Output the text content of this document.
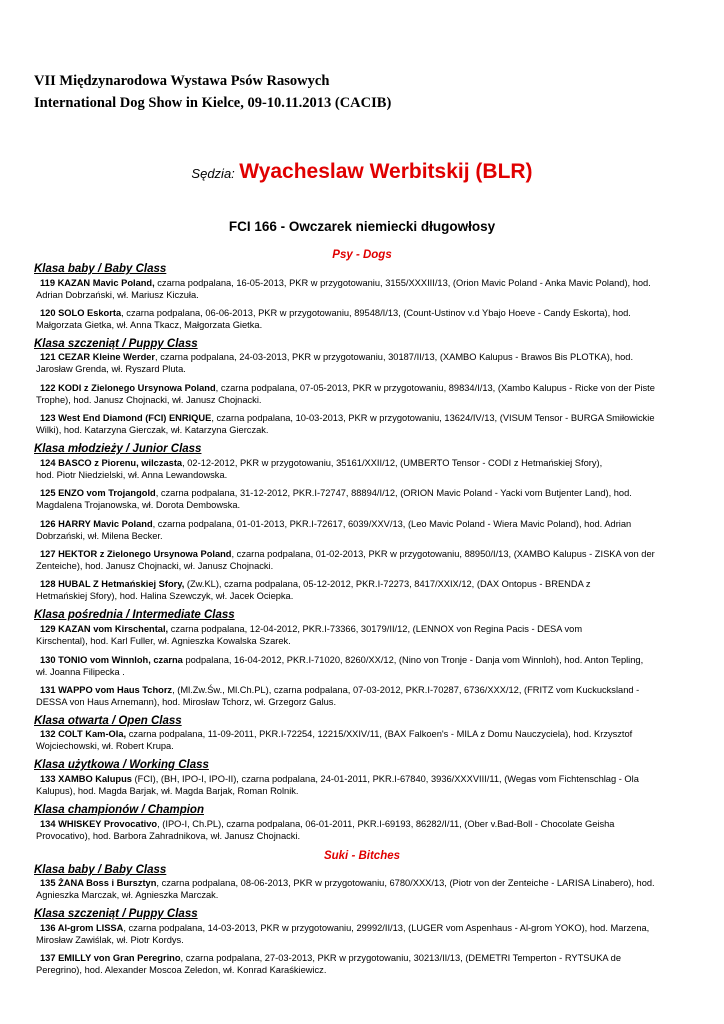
VII Międzynarodowa Wystawa Psów Rasowych
International Dog Show in Kielce, 09-10.11.2013 (CACIB)
Sędzia: Wyacheslaw Werbitskij (BLR)
FCI 166 - Owczarek niemiecki długowłosy
Psy - Dogs
Klasa baby / Baby Class
119 KAZAN Mavic Poland, czarna podpalana, 16-05-2013, PKR w przygotowaniu, 3155/XXXIII/13, (Orion Mavic Poland - Anka Mavic Poland), hod.
Adrian Dobrzański, wł. Mariusz Kiczuła.
120 SOLO Eskorta, czarna podpalana, 06-06-2013, PKR w przygotowaniu, 89548/I/13, (Count-Ustinov v.d Ybajo Hoeve - Candy Eskorta), hod.
Małgorzata Gietka, wł. Anna Tkacz, Małgorzata Gietka.
Klasa szczeniąt / Puppy Class
121 CEZAR Kleine Werder, czarna podpalana, 24-03-2013, PKR w przygotowaniu, 30187/II/13, (XAMBO Kalupus - Brawos Bis PLOTKA), hod.
Jarosław Grenda, wł. Ryszard Pluta.
122 KODI z Zielonego Ursynowa Poland, czarna podpalana, 07-05-2013, PKR w przygotowaniu, 89834/I/13, (Xambo Kalupus - Ricke von der Piste
Trophe), hod. Janusz Chojnacki, wł. Janusz Chojnacki.
123 West End Diamond (FCI) ENRIQUE, czarna podpalana, 10-03-2013, PKR w przygotowaniu, 13624/IV/13, (VISUM Tensor - BURGA Smiłowickie
Wilki), hod. Katarzyna Gierczak, wł. Katarzyna Gierczak.
Klasa młodzieży / Junior Class
124 BASCO z Piorenu, wilczasta, 02-12-2012, PKR w przygotowaniu, 35161/XXII/12, (UMBERTO Tensor - CODI z Hetmańskiej Sfory),
hod. Piotr Niedzielski, wł. Anna Lewandowska.
125 ENZO vom Trojangold, czarna podpalana, 31-12-2012, PKR.I-72747, 88894/I/12, (ORION Mavic Poland - Yacki vom Butjenter Land), hod.
Magdalena Trojanowska, wł. Dorota Dembowska.
126 HARRY Mavic Poland, czarna podpalana, 01-01-2013, PKR.I-72617, 6039/XXV/13, (Leo Mavic Poland - Wiera Mavic Poland), hod. Adrian
Dobrzański, wł. Milena Becker.
127 HEKTOR z Zielonego Ursynowa Poland, czarna podpalana, 01-02-2013, PKR w przygotowaniu, 88950/I/13, (XAMBO Kalupus - ZISKA von der
Zenteiche), hod. Janusz Chojnacki, wł. Janusz Chojnacki.
128 HUBAL Z Hetmańskiej Sfory, (Zw.KL), czarna podpalana, 05-12-2012, PKR.I-72273, 8417/XXIX/12, (DAX Ontopus - BRENDA z
Hetmańskiej Sfory), hod. Halina Szewczyk, wł. Jacek Ociepka.
Klasa pośrednia / Intermediate Class
129 KAZAN vom Kirschental, czarna podpalana, 12-04-2012, PKR.I-73366, 30179/II/12, (LENNOX von Regina Pacis - DESA vom
Kirschental), hod. Karl Fuller, wł. Agnieszka Kowalska Szarek.
130 TONIO vom Winnloh, czarna podpalana, 16-04-2012, PKR.I-71020, 8260/XX/12, (Nino von Tronje - Danja vom Winnloh), hod. Anton Tepling,
wł. Joanna Filipecka .
131 WAPPO vom Haus Tchorz, (Ml.Zw.Św., Ml.Ch.PL), czarna podpalana, 07-03-2012, PKR.I-70287, 6736/XXX/12, (FRITZ vom Kuckucksland -
DESSA von Haus Arnemann), hod. Mirosław Tchorz, wł. Grzegorz Galus.
Klasa otwarta / Open Class
132 COLT Kam-Ola, czarna podpalana, 11-09-2011, PKR.I-72254, 12215/XXIV/11, (BAX Falkoen's - MILA z Domu Nauczyciela), hod. Krzysztof
Wojciechowski, wł. Robert Krupa.
Klasa użytkowa / Working Class
133 XAMBO Kalupus (FCI), (BH, IPO-I, IPO-II), czarna podpalana, 24-01-2011, PKR.I-67840, 3936/XXXVIII/11, (Wegas vom Fichtenschlag - Ola
Kalupus), hod. Magda Barjak, wł. Magda Barjak, Roman Rolnik.
Klasa championów / Champion
134 WHISKEY Provocativo, (IPO-I, Ch.PL), czarna podpalana, 06-01-2011, PKR.I-69193, 86282/I/11, (Ober v.Bad-Boll - Chocolate Geisha
Provocativo), hod. Barbora Zahradnikova, wł. Janusz Chojnacki.
Suki - Bitches
Klasa baby / Baby Class
135 ŻANA Boss i Bursztyn, czarna podpalana, 08-06-2013, PKR w przygotowaniu, 6780/XXX/13, (Piotr von der Zenteiche - LARISA Linabero), hod.
Agnieszka Marczak, wł. Agnieszka Marczak.
Klasa szczeniąt / Puppy Class
136 Al-grom LISSA, czarna podpalana, 14-03-2013, PKR w przygotowaniu, 29992/II/13, (LUGER vom Aspenhaus - Al-grom YOKO), hod. Marzena,
Mirosław Zawiślak, wł. Piotr Kordys.
137 EMILLY von Gran Peregrino, czarna podpalana, 27-03-2013, PKR w przygotowaniu, 30213/II/13, (DEMETRI Temperton - RYTSUKA de
Peregrino), hod. Alexander Moscoa Zeledon, wł. Konrad Karaśkiewicz.
